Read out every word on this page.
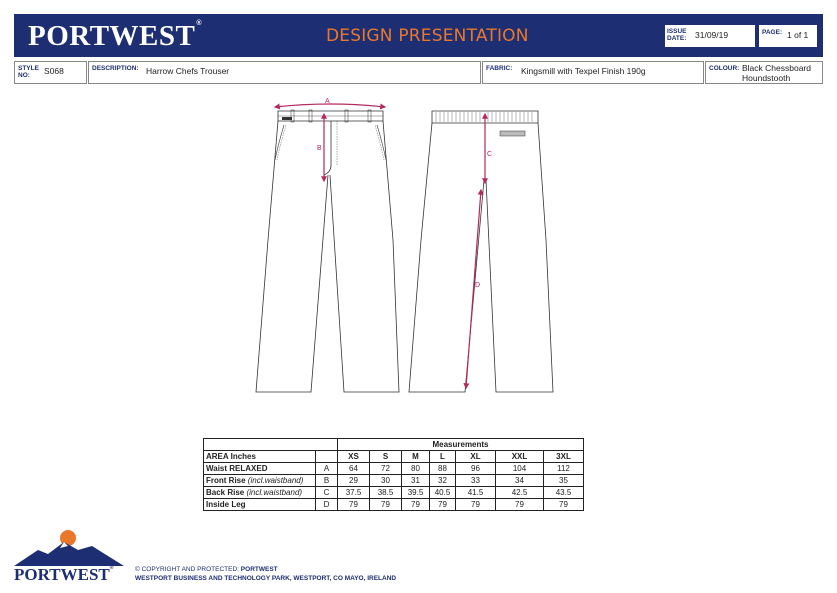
PORTWEST®
DESIGN PRESENTATION	ISSUE
DATE: 31/09/19	PAGE: 1 of 1
STYLE
NO:	S068	DESCRIPTION: Harrow Chefs Trouser	FABRIC: Kingsmill with Texpel Finish 190g	COLOUR: Black Chessboard
Houndstooth
A
B
C
D
		Measurements						
AREA Inches		XS	S	M	L	XL	XXL	3XL
Waist RELAXED	A	64	72	80	88	96	104	112
Front Rise (incl.waistband)	B	29	30	31	32	33	34	35
Back Rise (incl.waistband)	C	37.5	38.5	39.5	40.5	41.5	42.5	43.5
Inside Leg	D	79	79	79	79	79	79	79
PORTWEST®	© COPYRIGHT AND PROTECTED: PORTWEST
WESTPORT BUSINESS AND TECHNOLOGY PARK, WESTPORT, CO MAYO, IRELAND
